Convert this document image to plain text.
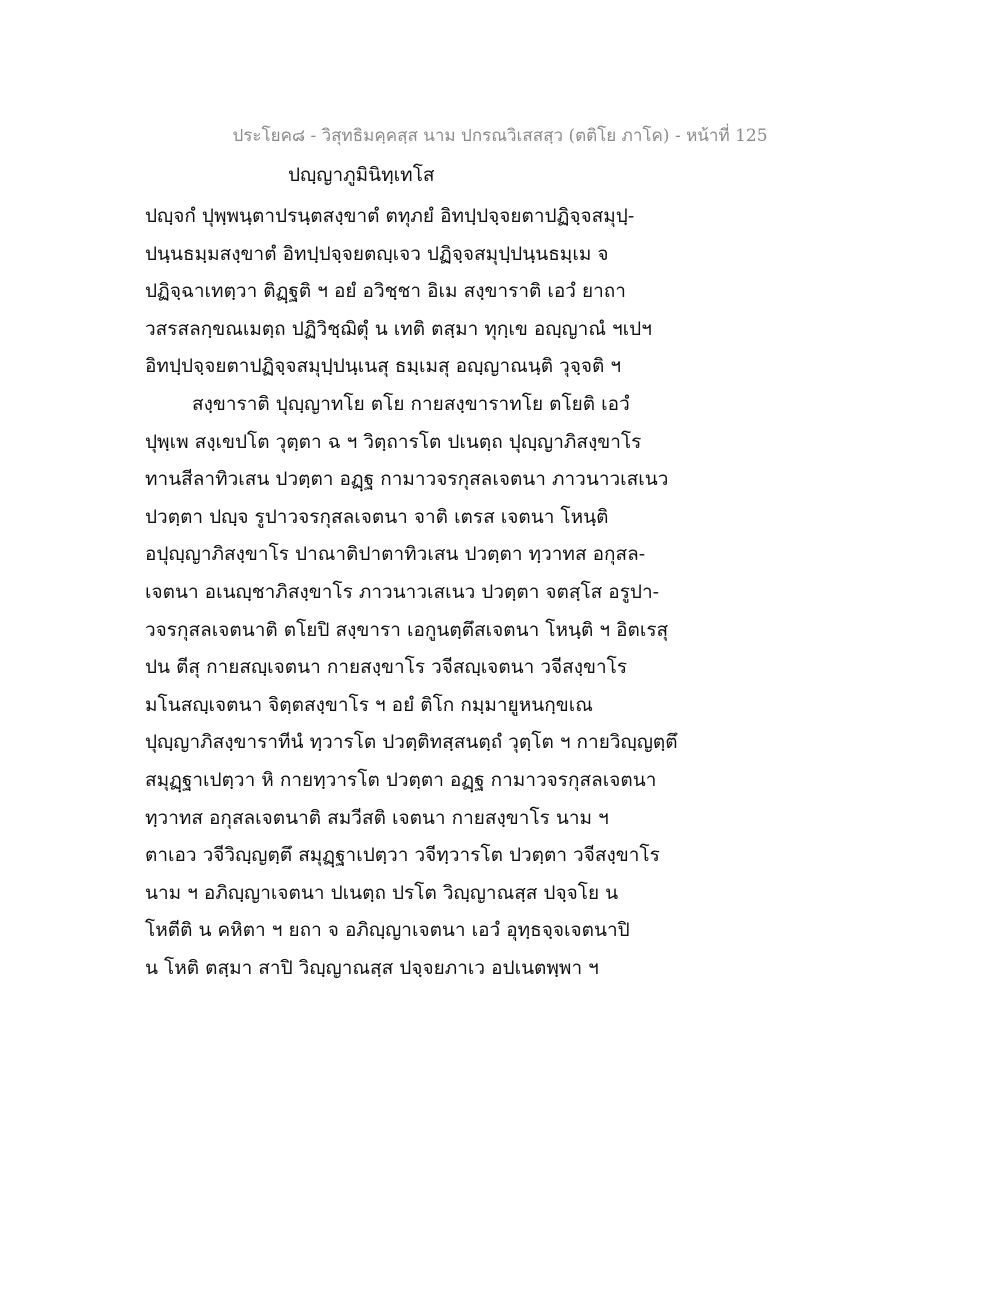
ประโยค๘ - วิสุทธิมคฺคสฺส นาม ปกรณวิเสสสฺว (ตติโย ภาโค) - หน้าที่ 125
ปญฺญาภูมินิทฺเทโส
ปญฺจกํ ปุพฺพนฺตาปรนฺตสงฺขาตํ ตทุภยํ อิทปฺปจฺจยตาปฏิจฺจสมุปฺ-
ปนฺนธมฺมสงฺขาตํ อิทปฺปจฺจยตญฺเจว ปฏิจฺจสมุปฺปนฺนธมฺเม จ
ปฏิจฺฉาเทตฺวา ติฏฺฐติ ฯ อยํ อวิชฺชา อิเม สงฺขาราติ เอวํ ยาถา
วสรสลกฺขณเมตฺถ ปฏิวิชฺฌิตุํ น เทติ ตสฺมา ทุกฺเข อญฺญาณํ ฯเปฯ
อิทปฺปจฺจยตาปฏิจฺจสมุปฺปนฺเนสุ ธมฺเมสุ อญฺญาณนฺติ วุจฺจติ ฯ
สงฺขาราติ ปุญฺญาทโย ตโย กายสงฺขาราทโย ตโยติ เอวํ
ปุพฺเพ สงฺเขปโต วุตฺตา ฉ ฯ วิตฺถารโต ปเนตฺถ ปุญฺญาภิสงฺขาโร
ทานสีลาทิวเสน ปวตฺตา อฏฺฐ กามาวจรกุสลเจตนา ภาวนาวเสเนว
ปวตฺตา ปญฺจ รูปาวจรกุสลเจตนา จาติ เตรส เจตนา โหนฺติ
อปุญฺญาภิสงฺขาโร ปาณาติปาตาทิวเสน ปวตฺตา ทฺวาทส อกุสล-
เจตนา อเนญฺชาภิสงฺขาโร ภาวนาวเสเนว ปวตฺตา จตสฺโส อรูปา-
วจรกุสลเจตนาติ ตโยปิ สงฺขารา เอกูนตฺตึสเจตนา โหนฺติ ฯ อิตเรสุ
ปน ตีสุ กายสญฺเจตนา กายสงฺขาโร วจีสญฺเจตนา วจีสงฺขาโร
มโนสญฺเจตนา จิตฺตสงฺขาโร ฯ อยํ ติโก กมฺมายูหนกฺขเณ
ปุญฺญาภิสงฺขาราทีนํ ทฺวารโต ปวตฺติทสฺสนตฺถํ วุตฺโต ฯ กายวิญฺญตฺตึ
สมุฏฺฐาเปตฺวา หิ กายทฺวารโต ปวตฺตา อฏฺฐ กามาวจรกุสลเจตนา
ทฺวาทส อกุสลเจตนาติ สมวีสติ เจตนา กายสงฺขาโร นาม ฯ
ตาเอว วจีวิญฺญตฺตึ สมุฏฺฐาเปตฺวา วจีทฺวารโต ปวตฺตา วจีสงฺขาโร
นาม ฯ อภิญฺญาเจตนา ปเนตฺถ ปรโต วิญฺญาณสฺส ปจฺจโย น
โหตีติ น คหิตา ฯ ยถา จ อภิญฺญาเจตนา เอวํ อุทฺธจฺจเจตนาปิ
น โหติ ตสฺมา สาปิ วิญฺญาณสฺส ปจฺจยภาเว อปเนตพฺพา ฯ
